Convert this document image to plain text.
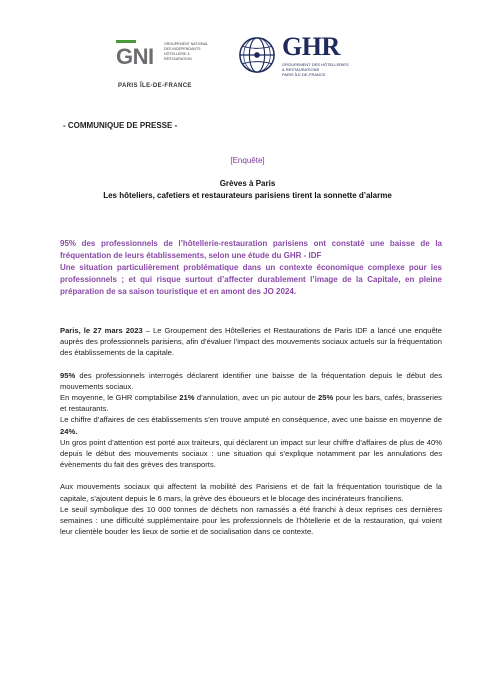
GNI	GROUPEMENT NATIONAL
DES INDÉPENDANTS
HÔTELLERIE &
RESTAURATION
PARIS ÎLE-DE-FRANCE
GHR
GROUPEMENT DES HÔTELLERIES
& RESTAURATIONS
PARIS ÎLE-DE-FRANCE
- COMMUNIQUE DE PRESSE -
[Enquête]
Grèves à Paris
Les hôteliers, cafetiers et restaurateurs parisiens tirent la sonnette d’alarme

95% des professionnels de l’hôtellerie-restauration parisiens ont constaté une baisse de la fréquentation de leurs établissements, selon une étude du GHR - IDF

Une situation particulièrement problématique dans un contexte économique complexe pour les professionnels ; et qui risque surtout d’affecter durablement l’image de la Capitale, en pleine préparation de sa saison touristique et en amont des JO 2024.

Paris, le 27 mars 2023 – Le Groupement des Hôtelleries et Restaurations de Paris IDF a lancé une enquête auprès des professionnels parisiens, afin d’évaluer l’impact des mouvements sociaux actuels sur la fréquentation des établissements de la capitale.

95% des professionnels interrogés déclarent identifier une baisse de la fréquentation depuis le début des mouvements sociaux.

En moyenne, le GHR comptabilise 21% d’annulation, avec un pic autour de 25% pour les bars, cafés, brasseries et restaurants.

Le chiffre d’affaires de ces établissements s’en trouve amputé en conséquence, avec une baisse en moyenne de 24%.

Un gros point d’attention est porté aux traiteurs, qui déclarent un impact sur leur chiffre d’affaires de plus de 40% depuis le début des mouvements sociaux : une situation qui s’explique notamment par les annulations des évènements du fait des grèves des transports.

Aux mouvements sociaux qui affectent la mobilité des Parisiens et de fait la fréquentation touristique de la capitale, s’ajoutent depuis le 6 mars, la grève des éboueurs et le blocage des incinérateurs franciliens.

Le seuil symbolique des 10 000 tonnes de déchets non ramassés a été franchi à deux reprises ces dernières semaines : une difficulté supplémentaire pour les professionnels de l’hôtellerie et de la restauration, qui voient leur clientèle bouder les lieux de sortie et de socialisation dans ce contexte.
